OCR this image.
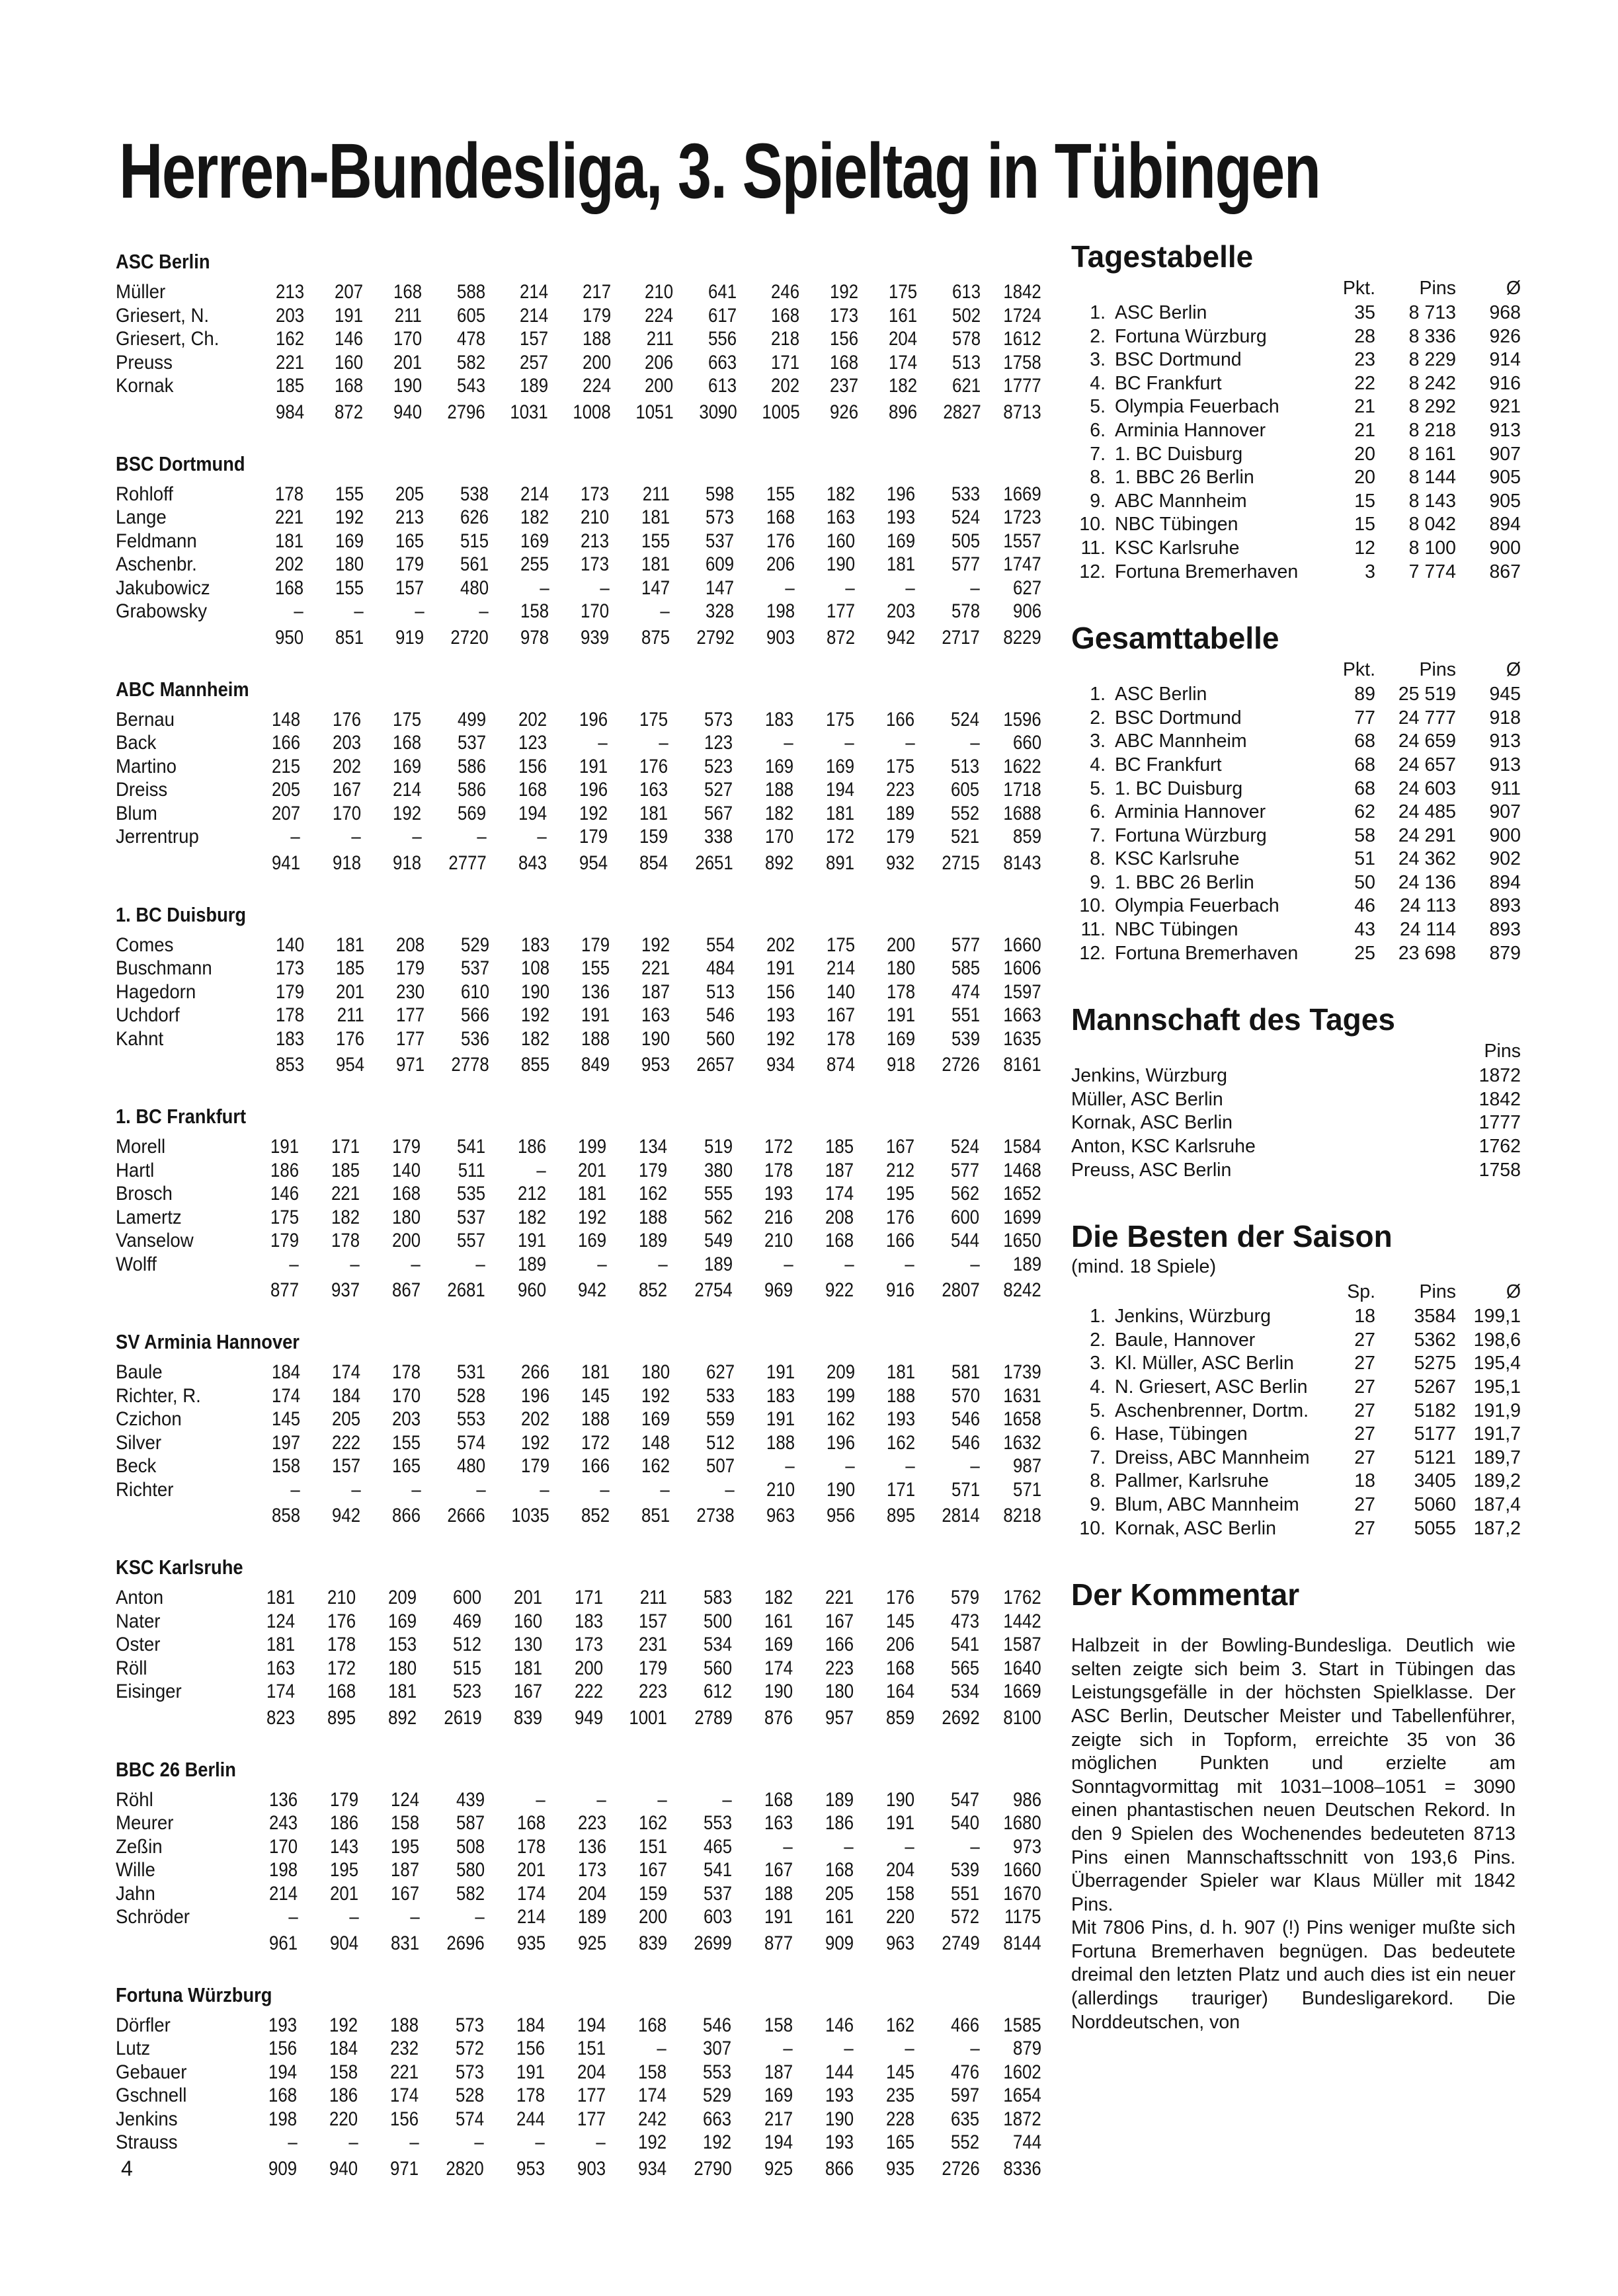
Herren-Bundesliga, 3. Spieltag in Tübingen
ASC Berlin
Müller	213	207	168	588	214	217	210	641	246	192	175	613	1842
Griesert, N.	203	191	211	605	214	179	224	617	168	173	161	502	1724
Griesert, Ch.	162	146	170	478	157	188	211	556	218	156	204	578	1612
Preuss	221	160	201	582	257	200	206	663	171	168	174	513	1758
Kornak	185	168	190	543	189	224	200	613	202	237	182	621	1777
	984	872	940	2796	1031	1008	1051	3090	1005	926	896	2827	8713
BSC Dortmund
Rohloff	178	155	205	538	214	173	211	598	155	182	196	533	1669
Lange	221	192	213	626	182	210	181	573	168	163	193	524	1723
Feldmann	181	169	165	515	169	213	155	537	176	160	169	505	1557
Aschenbr.	202	180	179	561	255	173	181	609	206	190	181	577	1747
Jakubowicz	168	155	157	480	–	–	147	147	–	–	–	–	627
Grabowsky	–	–	–	–	158	170	–	328	198	177	203	578	906
	950	851	919	2720	978	939	875	2792	903	872	942	2717	8229
ABC Mannheim
Bernau	148	176	175	499	202	196	175	573	183	175	166	524	1596
Back	166	203	168	537	123	–	–	123	–	–	–	–	660
Martino	215	202	169	586	156	191	176	523	169	169	175	513	1622
Dreiss	205	167	214	586	168	196	163	527	188	194	223	605	1718
Blum	207	170	192	569	194	192	181	567	182	181	189	552	1688
Jerrentrup	–	–	–	–	–	179	159	338	170	172	179	521	859
	941	918	918	2777	843	954	854	2651	892	891	932	2715	8143
1. BC Duisburg
Comes	140	181	208	529	183	179	192	554	202	175	200	577	1660
Buschmann	173	185	179	537	108	155	221	484	191	214	180	585	1606
Hagedorn	179	201	230	610	190	136	187	513	156	140	178	474	1597
Uchdorf	178	211	177	566	192	191	163	546	193	167	191	551	1663
Kahnt	183	176	177	536	182	188	190	560	192	178	169	539	1635
	853	954	971	2778	855	849	953	2657	934	874	918	2726	8161
1. BC Frankfurt
Morell	191	171	179	541	186	199	134	519	172	185	167	524	1584
Hartl	186	185	140	511	–	201	179	380	178	187	212	577	1468
Brosch	146	221	168	535	212	181	162	555	193	174	195	562	1652
Lamertz	175	182	180	537	182	192	188	562	216	208	176	600	1699
Vanselow	179	178	200	557	191	169	189	549	210	168	166	544	1650
Wolff	–	–	–	–	189	–	–	189	–	–	–	–	189
	877	937	867	2681	960	942	852	2754	969	922	916	2807	8242
SV Arminia Hannover
Baule	184	174	178	531	266	181	180	627	191	209	181	581	1739
Richter, R.	174	184	170	528	196	145	192	533	183	199	188	570	1631
Czichon	145	205	203	553	202	188	169	559	191	162	193	546	1658
Silver	197	222	155	574	192	172	148	512	188	196	162	546	1632
Beck	158	157	165	480	179	166	162	507	–	–	–	–	987
Richter	–	–	–	–	–	–	–	–	210	190	171	571	571
	858	942	866	2666	1035	852	851	2738	963	956	895	2814	8218
KSC Karlsruhe
Anton	181	210	209	600	201	171	211	583	182	221	176	579	1762
Nater	124	176	169	469	160	183	157	500	161	167	145	473	1442
Oster	181	178	153	512	130	173	231	534	169	166	206	541	1587
Röll	163	172	180	515	181	200	179	560	174	223	168	565	1640
Eisinger	174	168	181	523	167	222	223	612	190	180	164	534	1669
	823	895	892	2619	839	949	1001	2789	876	957	859	2692	8100
BBC 26 Berlin
Röhl	136	179	124	439	–	–	–	–	168	189	190	547	986
Meurer	243	186	158	587	168	223	162	553	163	186	191	540	1680
Zeßin	170	143	195	508	178	136	151	465	–	–	–	–	973
Wille	198	195	187	580	201	173	167	541	167	168	204	539	1660
Jahn	214	201	167	582	174	204	159	537	188	205	158	551	1670
Schröder	–	–	–	–	214	189	200	603	191	161	220	572	1175
	961	904	831	2696	935	925	839	2699	877	909	963	2749	8144
Fortuna Würzburg
Dörfler	193	192	188	573	184	194	168	546	158	146	162	466	1585
Lutz	156	184	232	572	156	151	–	307	–	–	–	–	879
Gebauer	194	158	221	573	191	204	158	553	187	144	145	476	1602
Gschnell	168	186	174	528	178	177	174	529	169	193	235	597	1654
Jenkins	198	220	156	574	244	177	242	663	217	190	228	635	1872
Strauss	–	–	–	–	–	–	192	192	194	193	165	552	744
	909	940	971	2820	953	903	934	2790	925	866	935	2726	8336
Tagestabelle
		Pkt.	Pins	Ø
1.	ASC Berlin	35	8 713	968
2.	Fortuna Würzburg	28	8 336	926
3.	BSC Dortmund	23	8 229	914
4.	BC Frankfurt	22	8 242	916
5.	Olympia Feuerbach	21	8 292	921
6.	Arminia Hannover	21	8 218	913
7.	1. BC Duisburg	20	8 161	907
8.	1. BBC 26 Berlin	20	8 144	905
9.	ABC Mannheim	15	8 143	905
10.	NBC Tübingen	15	8 042	894
11.	KSC Karlsruhe	12	8 100	900
12.	Fortuna Bremerhaven	3	7 774	867
Gesamttabelle
		Pkt.	Pins	Ø
1.	ASC Berlin	89	25 519	945
2.	BSC Dortmund	77	24 777	918
3.	ABC Mannheim	68	24 659	913
4.	BC Frankfurt	68	24 657	913
5.	1. BC Duisburg	68	24 603	911
6.	Arminia Hannover	62	24 485	907
7.	Fortuna Würzburg	58	24 291	900
8.	KSC Karlsruhe	51	24 362	902
9.	1. BBC 26 Berlin	50	24 136	894
10.	Olympia Feuerbach	46	24 113	893
11.	NBC Tübingen	43	24 114	893
12.	Fortuna Bremerhaven	25	23 698	879
Mannschaft des Tages
	Pins
Jenkins, Würzburg	1872
Müller, ASC Berlin	1842
Kornak, ASC Berlin	1777
Anton, KSC Karlsruhe	1762
Preuss, ASC Berlin	1758
Die Besten der Saison
(mind. 18 Spiele)
		Sp.	Pins	Ø
1.	Jenkins, Würzburg	18	3584	199,1
2.	Baule, Hannover	27	5362	198,6
3.	Kl. Müller, ASC Berlin	27	5275	195,4
4.	N. Griesert, ASC Berlin	27	5267	195,1
5.	Aschenbrenner, Dortm.	27	5182	191,9
6.	Hase, Tübingen	27	5177	191,7
7.	Dreiss, ABC Mannheim	27	5121	189,7
8.	Pallmer, Karlsruhe	18	3405	189,2
9.	Blum, ABC Mannheim	27	5060	187,4
10.	Kornak, ASC Berlin	27	5055	187,2
Der Kommentar

Halbzeit in der Bowling-Bundesliga. Deutlich wie selten zeigte sich beim 3. Start in Tübingen das Leistungsgefälle in der höchsten Spielklasse. Der ASC Berlin, Deutscher Meister und Tabellenführer, zeigte sich in Topform, erreichte 35 von 36 möglichen Punkten und erzielte am Sonntagvormittag mit 1031–1008–1051 = 3090 einen phantastischen neuen Deutschen Rekord. In den 9 Spielen des Wochenendes bedeuteten 8713 Pins einen Mannschaftsschnitt von 193,6 Pins. Überragender Spieler war Klaus Müller mit 1842 Pins.

Mit 7806 Pins, d. h. 907 (!) Pins weniger mußte sich Fortuna Bremerhaven begnügen. Das bedeutete dreimal den letzten Platz und auch dies ist ein neuer (allerdings trauriger) Bundesligarekord. Die Norddeutschen, von

4
